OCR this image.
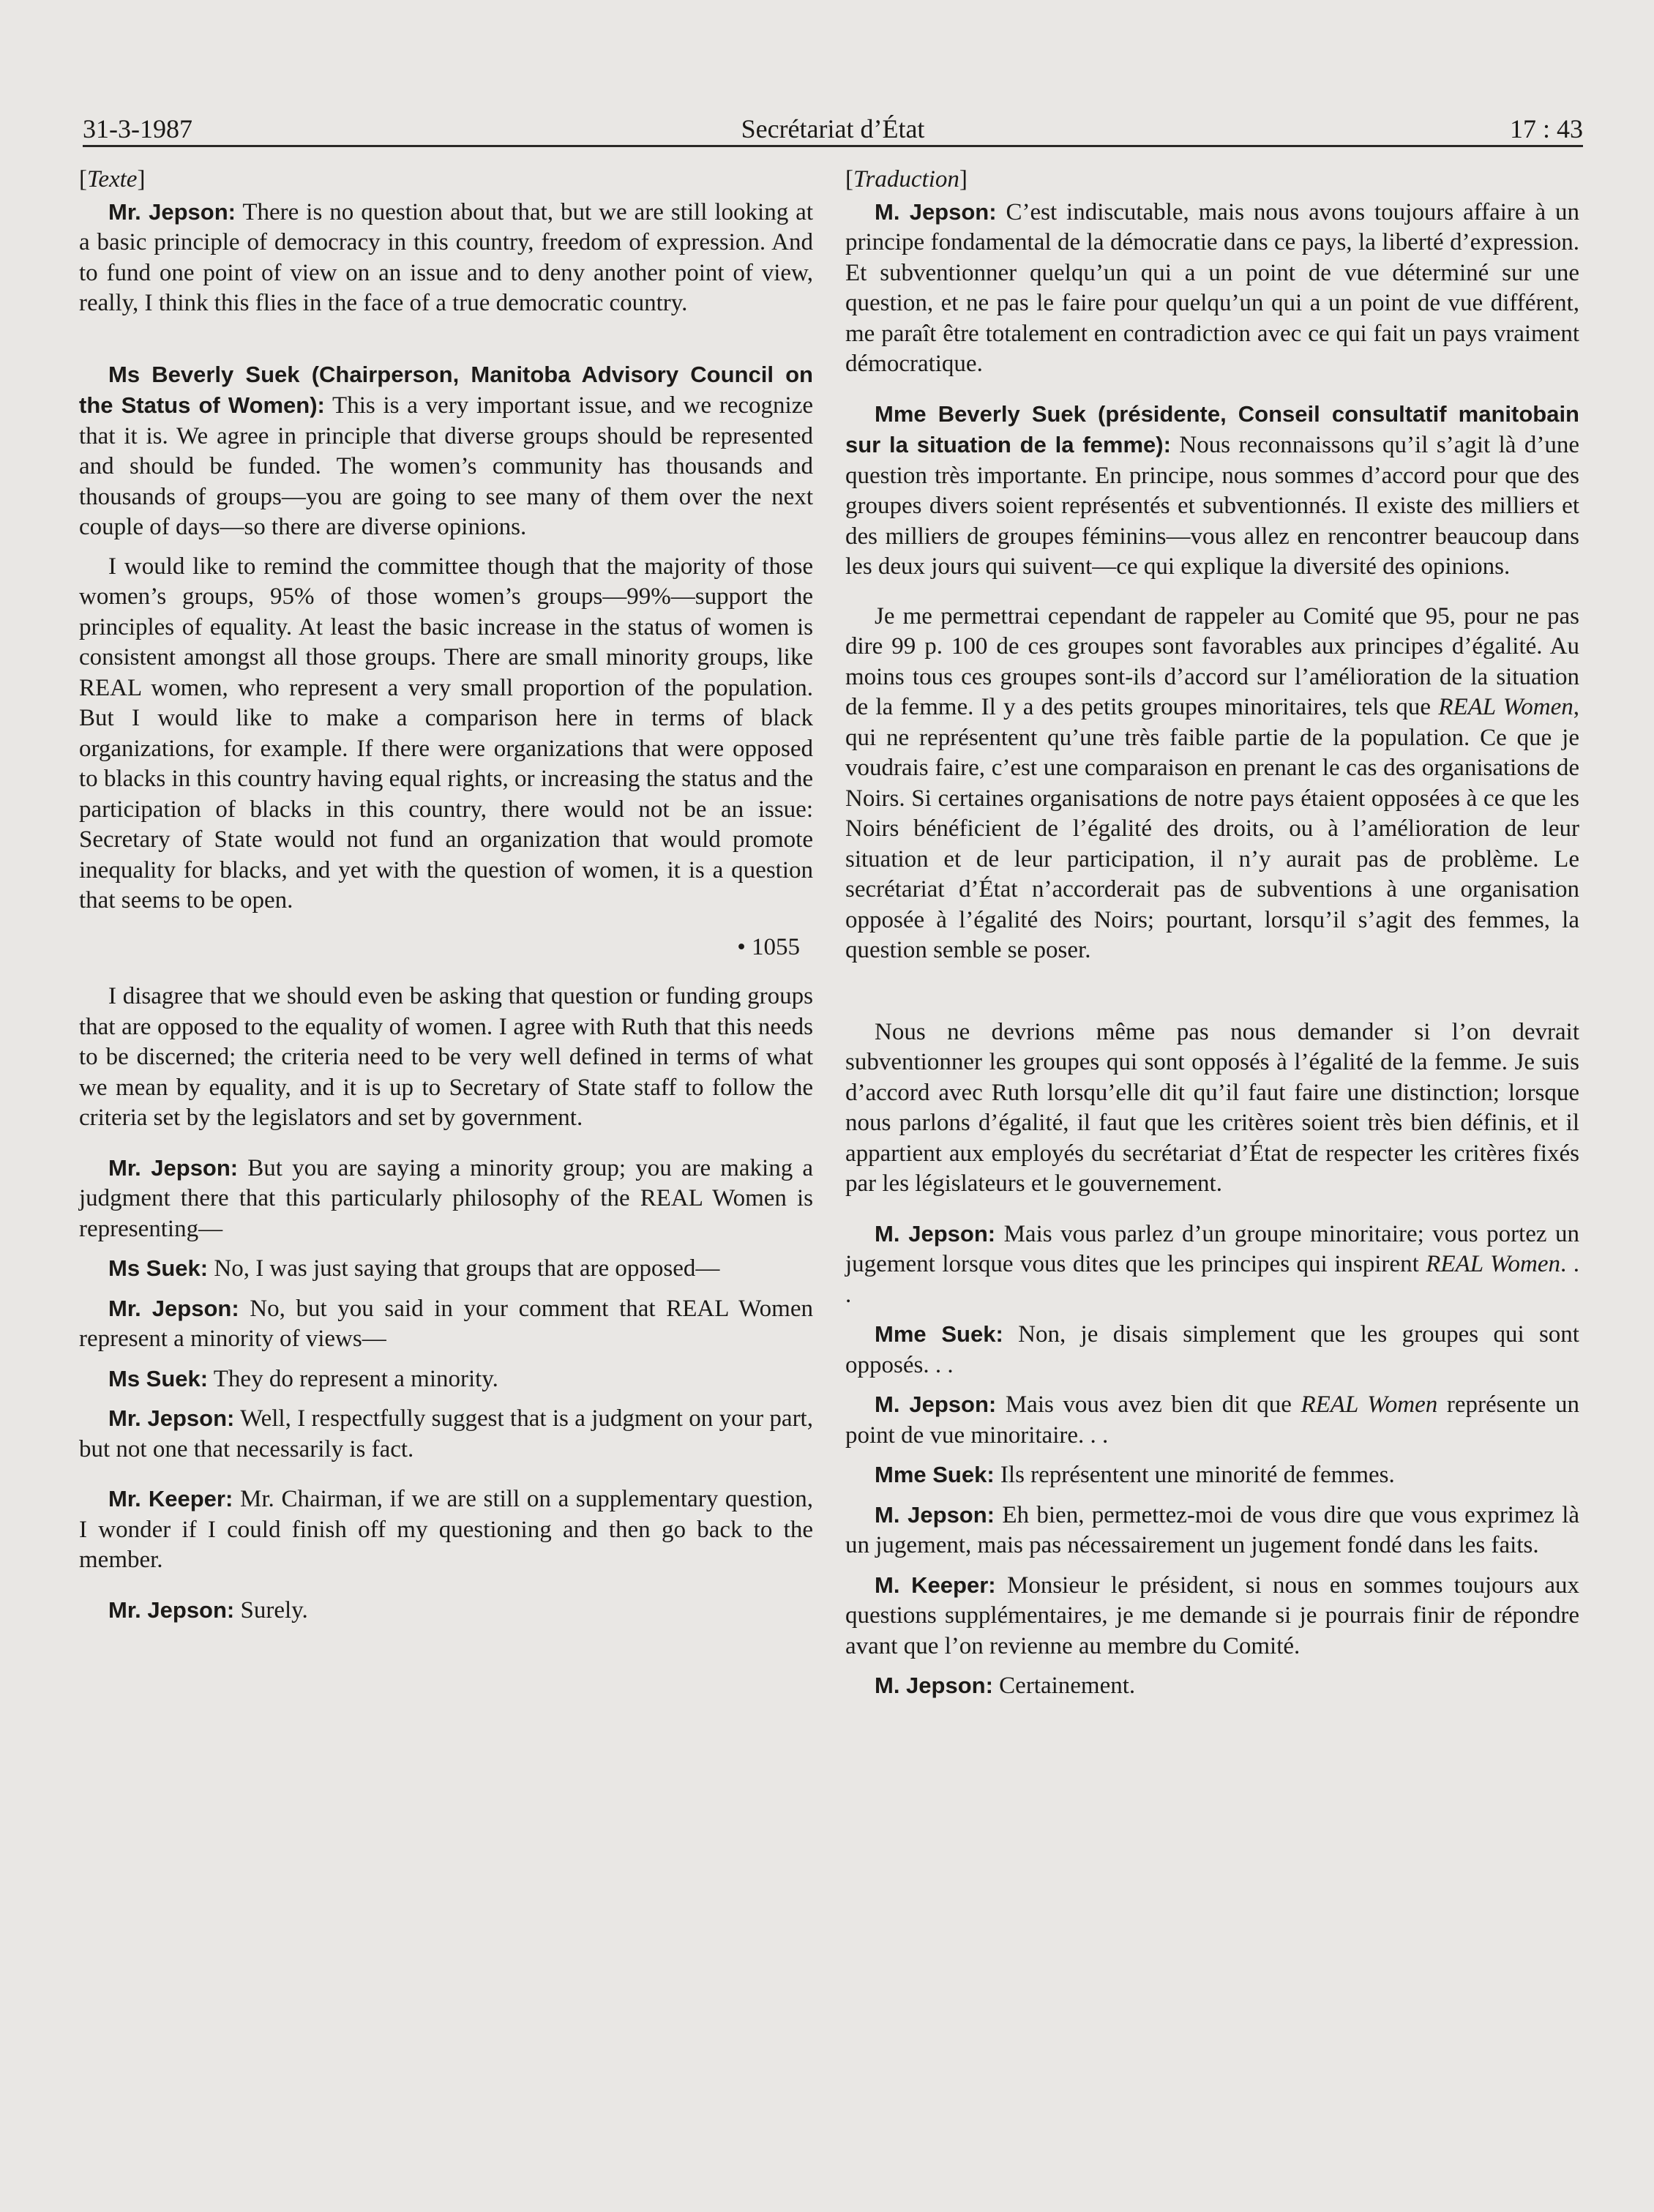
31-3-1987	Secrétariat d’État	17 : 43

[Texte]

Mr. Jepson: There is no question about that, but we are still looking at a basic principle of democracy in this country, freedom of expression. And to fund one point of view on an issue and to deny another point of view, really, I think this flies in the face of a true democratic country.

Ms Beverly Suek (Chairperson, Manitoba Advisory Council on the Status of Women): This is a very important issue, and we recognize that it is. We agree in principle that diverse groups should be represented and should be funded. The women’s community has thousands and thousands of groups—you are going to see many of them over the next couple of days—so there are diverse opinions.

I would like to remind the committee though that the majority of those women’s groups, 95% of those women’s groups—99%—support the principles of equality. At least the basic increase in the status of women is consistent amongst all those groups. There are small minority groups, like REAL women, who represent a very small proportion of the population. But I would like to make a comparison here in terms of black organizations, for example. If there were organizations that were opposed to blacks in this country having equal rights, or increasing the status and the participation of blacks in this country, there would not be an issue: Secretary of State would not fund an organization that would promote inequality for blacks, and yet with the question of women, it is a question that seems to be open.

• 1055

I disagree that we should even be asking that question or funding groups that are opposed to the equality of women. I agree with Ruth that this needs to be discerned; the criteria need to be very well defined in terms of what we mean by equality, and it is up to Secretary of State staff to follow the criteria set by the legislators and set by government.

Mr. Jepson: But you are saying a minority group; you are making a judgment there that this particularly philosophy of the REAL Women is representing—

Ms Suek: No, I was just saying that groups that are opposed—

Mr. Jepson: No, but you said in your comment that REAL Women represent a minority of views—

Ms Suek: They do represent a minority.

Mr. Jepson: Well, I respectfully suggest that is a judgment on your part, but not one that necessarily is fact.

Mr. Keeper: Mr. Chairman, if we are still on a supplementary question, I wonder if I could finish off my questioning and then go back to the member.

Mr. Jepson: Surely.

[Traduction]

M. Jepson: C’est indiscutable, mais nous avons toujours affaire à un principe fondamental de la démocratie dans ce pays, la liberté d’expression. Et subventionner quelqu’un qui a un point de vue déterminé sur une question, et ne pas le faire pour quelqu’un qui a un point de vue différent, me paraît être totalement en contradiction avec ce qui fait un pays vraiment démocratique.

Mme Beverly Suek (présidente, Conseil consultatif manitobain sur la situation de la femme): Nous reconnaissons qu’il s’agit là d’une question très importante. En principe, nous sommes d’accord pour que des groupes divers soient représentés et subventionnés. Il existe des milliers et des milliers de groupes féminins—vous allez en rencontrer beaucoup dans les deux jours qui suivent—ce qui explique la diversité des opinions.

Je me permettrai cependant de rappeler au Comité que 95, pour ne pas dire 99 p. 100 de ces groupes sont favorables aux principes d’égalité. Au moins tous ces groupes sont-ils d’accord sur l’amélioration de la situation de la femme. Il y a des petits groupes minoritaires, tels que REAL Women, qui ne représentent qu’une très faible partie de la population. Ce que je voudrais faire, c’est une comparaison en prenant le cas des organisations de Noirs. Si certaines organisations de notre pays étaient opposées à ce que les Noirs bénéficient de l’égalité des droits, ou à l’amélioration de leur situation et de leur participation, il n’y aurait pas de problème. Le secrétariat d’État n’accorderait pas de subventions à une organisation opposée à l’égalité des Noirs; pourtant, lorsqu’il s’agit des femmes, la question semble se poser.

Nous ne devrions même pas nous demander si l’on devrait subventionner les groupes qui sont opposés à l’égalité de la femme. Je suis d’accord avec Ruth lorsqu’elle dit qu’il faut faire une distinction; lorsque nous parlons d’égalité, il faut que les critères soient très bien définis, et il appartient aux employés du secrétariat d’État de respecter les critères fixés par les législateurs et le gouvernement.

M. Jepson: Mais vous parlez d’un groupe minoritaire; vous portez un jugement lorsque vous dites que les principes qui inspirent REAL Women. . .

Mme Suek: Non, je disais simplement que les groupes qui sont opposés. . .

M. Jepson: Mais vous avez bien dit que REAL Women représente un point de vue minoritaire. . .

Mme Suek: Ils représentent une minorité de femmes.

M. Jepson: Eh bien, permettez-moi de vous dire que vous exprimez là un jugement, mais pas nécessairement un jugement fondé dans les faits.

M. Keeper: Monsieur le président, si nous en sommes toujours aux questions supplémentaires, je me demande si je pourrais finir de répondre avant que l’on revienne au membre du Comité.

M. Jepson: Certainement.
